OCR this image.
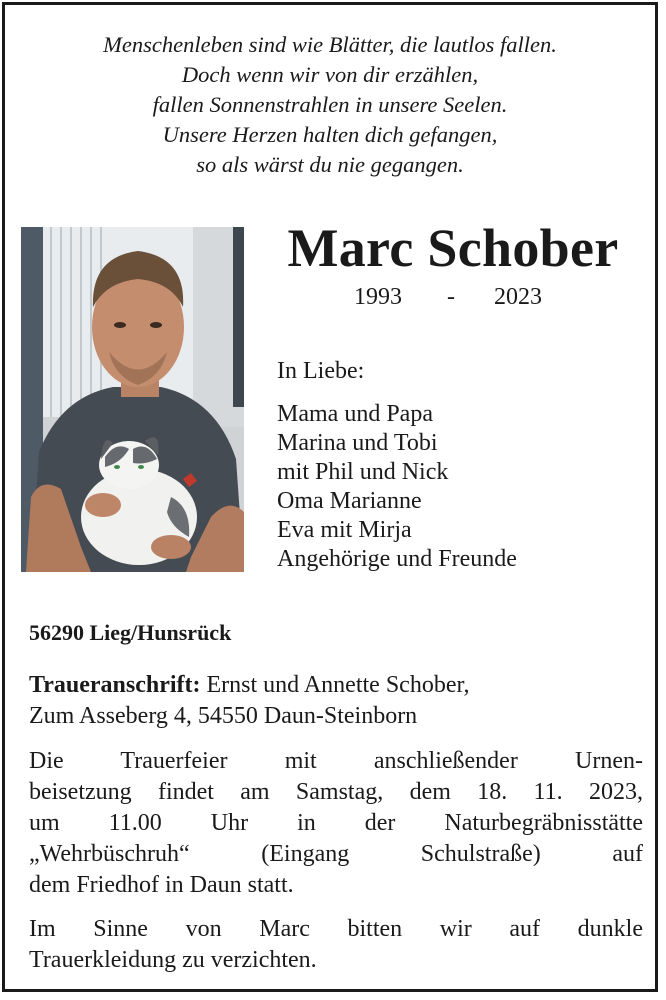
Menschenleben sind wie Blätter, die lautlos fallen.
Doch wenn wir von dir erzählen,
fallen Sonnenstrahlen in unsere Seelen.
Unsere Herzen halten dich gefangen,
so als wärst du nie gegangen.
Marc Schober
1993 - 2023
In Liebe:
Mama und Papa
Marina und Tobi
mit Phil und Nick
Oma Marianne
Eva mit Mirja
Angehörige und Freunde
56290 Lieg/Hunsrück
Traueranschrift: Ernst und Annette Schober,
Zum Asseberg 4, 54550 Daun-Steinborn
Die Trauerfeier mit anschließender Urnen-
beisetzung findet am Samstag, dem 18. 11. 2023,
um 11.00 Uhr in der Naturbegräbnisstätte
„Wehrbüschruh“ (Eingang Schulstraße) auf
dem Friedhof in Daun statt.
Im Sinne von Marc bitten wir auf dunkle
Trauerkleidung zu verzichten.
